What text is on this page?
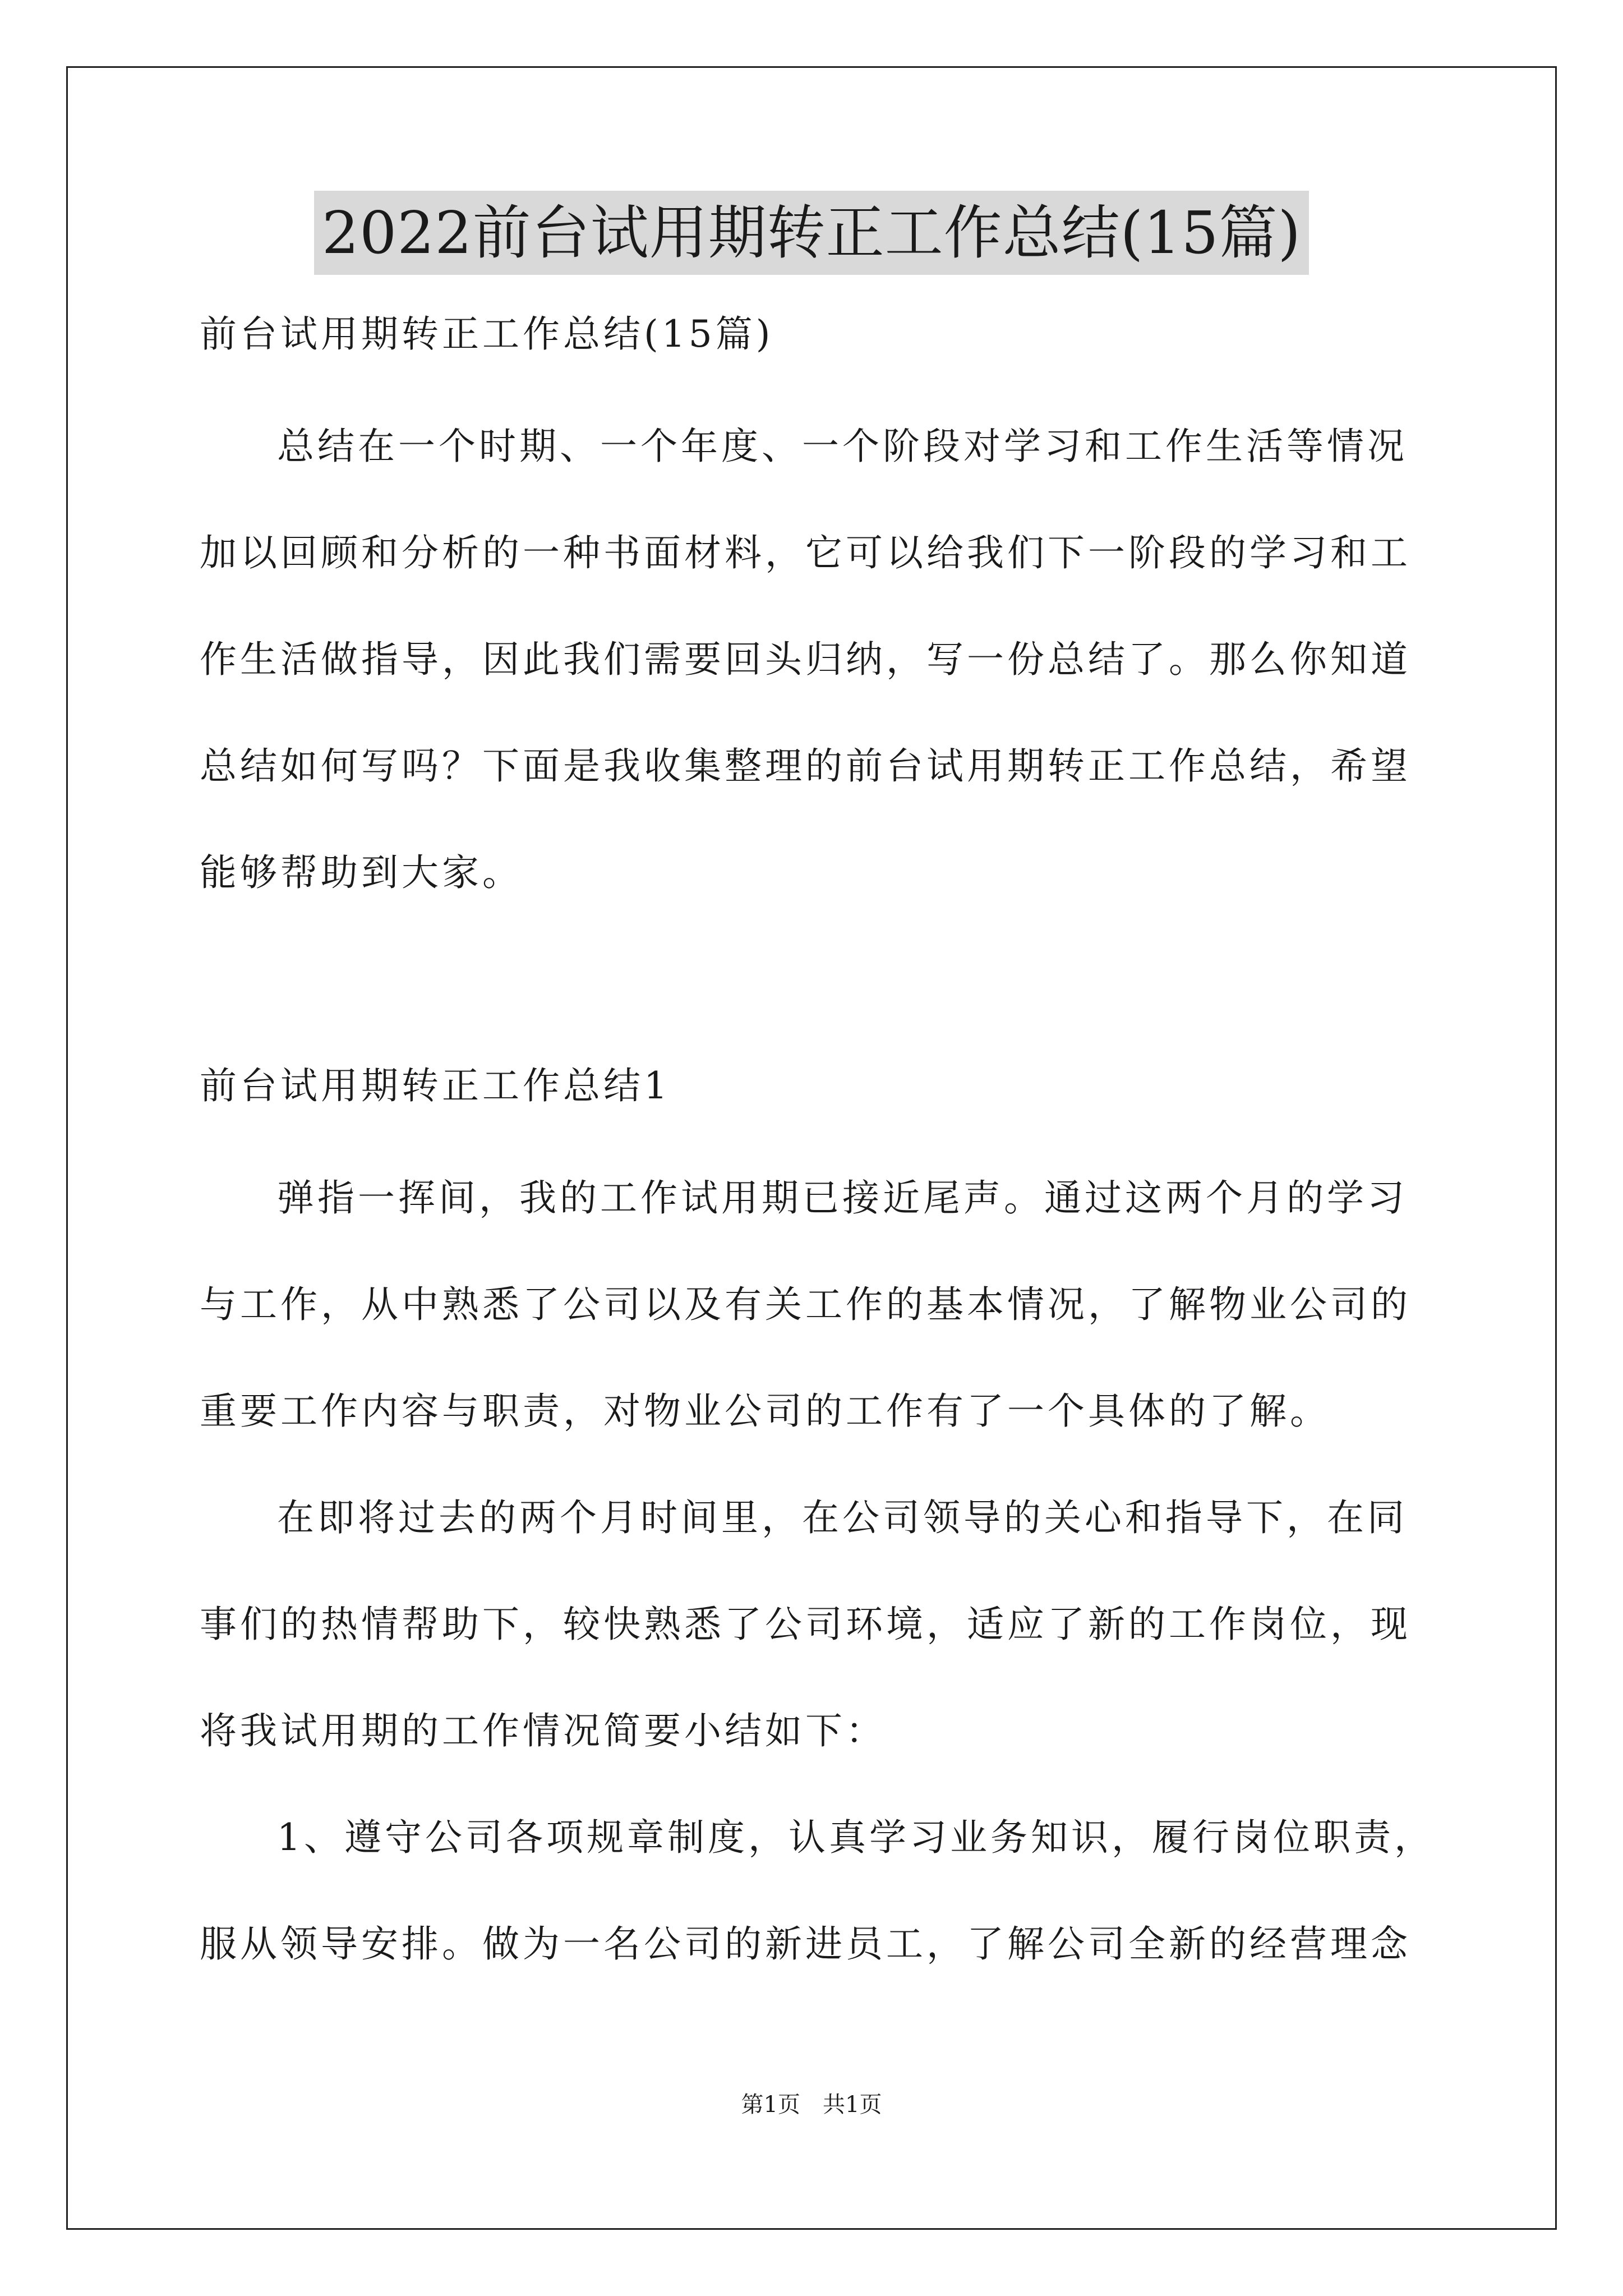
2022前台试用期转正工作总结(15篇)
前台试用期转正工作总结(15篇)
总结在一个时期、一个年度、一个阶段对学习和工作生活等情况
加以回顾和分析的一种书面材料，它可以给我们下一阶段的学习和工
作生活做指导，因此我们需要回头归纳，写一份总结了。那么你知道
总结如何写吗？下面是我收集整理的前台试用期转正工作总结，希望
能够帮助到大家。
前台试用期转正工作总结1
弹指一挥间，我的工作试用期已接近尾声。通过这两个月的学习
与工作，从中熟悉了公司以及有关工作的基本情况，了解物业公司的
重要工作内容与职责，对物业公司的工作有了一个具体的了解。
在即将过去的两个月时间里，在公司领导的关心和指导下，在同
事们的热情帮助下，较快熟悉了公司环境，适应了新的工作岗位，现
将我试用期的工作情况简要小结如下：
1、遵守公司各项规章制度，认真学习业务知识，履行岗位职责，
服从领导安排。做为一名公司的新进员工，了解公司全新的经营理念
第1页 共1页
